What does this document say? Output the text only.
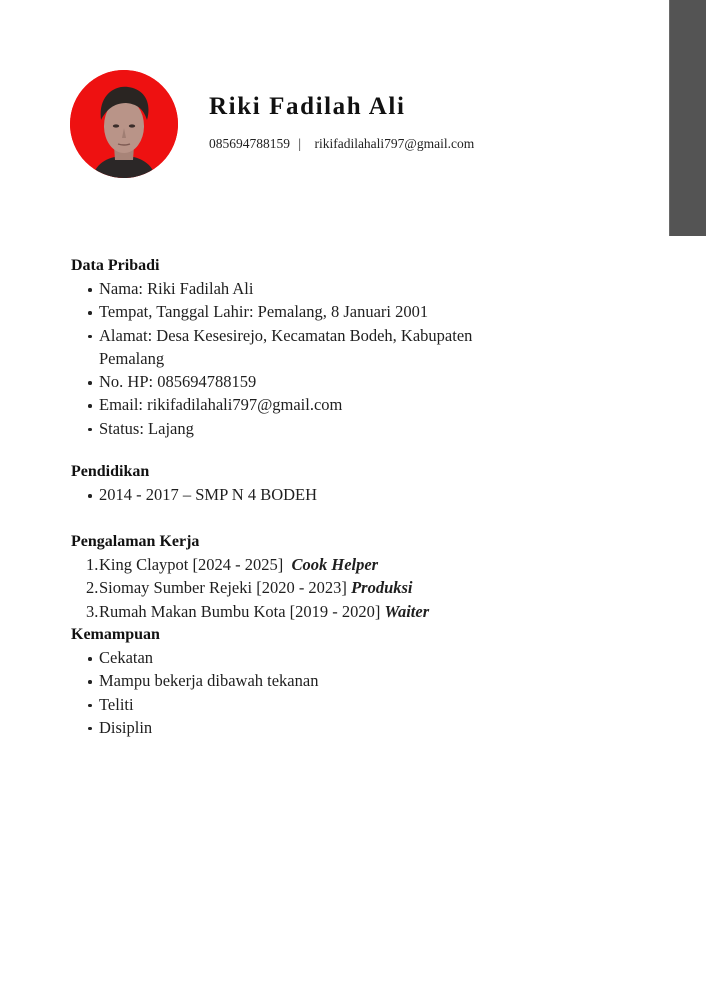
Riki Fadilah Ali
085694788159 | rikifadilahali797@gmail.com
Data Pribadi
Nama: Riki Fadilah Ali
Tempat, Tanggal Lahir: Pemalang, 8 Januari 2001
Alamat: Desa Kesesirejo, Kecamatan Bodeh, Kabupaten Pemalang
No. HP: 085694788159
Email: rikifadilahali797@gmail.com
Status: Lajang
Pendidikan
2014 - 2017 – SMP N 4 BODEH
Pengalaman Kerja
1. King Claypot [2024 - 2025] Cook Helper
2. Siomay Sumber Rejeki [2020 - 2023] Produksi
3. Rumah Makan Bumbu Kota [2019 - 2020] Waiter
Kemampuan
Cekatan
Mampu bekerja dibawah tekanan
Teliti
Disiplin
